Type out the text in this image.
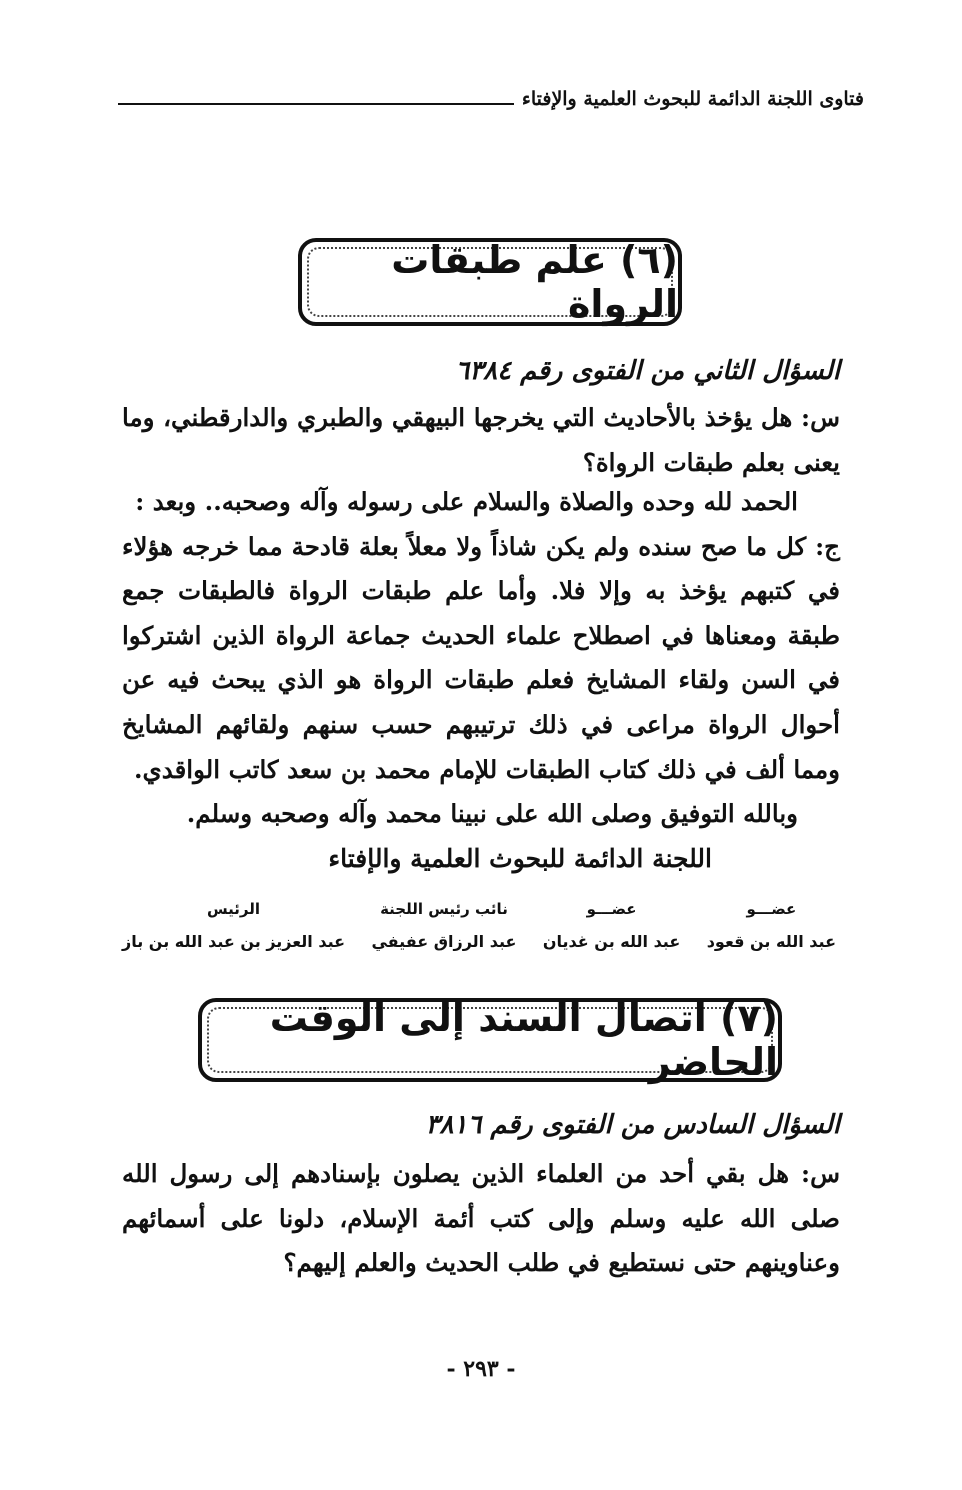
فتاوى اللجنة الدائمة للبحوث العلمية والإفتاء
(٦) علم طبقات الرواة
السؤال الثاني من الفتوى رقم ٦٣٨٤

س: هل يؤخذ بالأحاديث التي يخرجها البيهقي والطبري والدارقطني، وما يعنى بعلم طبقات الرواة؟

الحمد لله وحده والصلاة والسلام على رسوله وآله وصحبه.. وبعد :

ج: كل ما صح سنده ولم يكن شاذاً ولا معلاً بعلة قادحة مما خرجه هؤلاء في كتبهم يؤخذ به وإلا فلا. وأما علم طبقات الرواة فالطبقات جمع طبقة ومعناها في اصطلاح علماء الحديث جماعة الرواة الذين اشتركوا في السن ولقاء المشايخ فعلم طبقات الرواة هو الذي يبحث فيه عن أحوال الرواة مراعى في ذلك ترتيبهم حسب سنهم ولقائهم المشايخ ومما ألف في ذلك كتاب الطبقات للإمام محمد بن سعد كاتب الواقدي.

وبالله التوفيق وصلى الله على نبينا محمد وآله وصحبه وسلم.

اللجنة الدائمة للبحوث العلمية والإفتاء

عضـــو
عبد الله بن قعود
عضـــو
عبد الله بن غديان
نائب رئيس اللجنة
عبد الرزاق عفيفي
الرئيس
عبد العزيز بن عبد الله بن باز
(٧) اتصال السند إلى الوقت الحاضر
السؤال السادس من الفتوى رقم ٣٨١٦

س: هل بقي أحد من العلماء الذين يصلون بإسنادهم إلى رسول الله صلى الله عليه وسلم وإلى كتب أئمة الإسلام، دلونا على أسمائهم وعناوينهم حتى نستطيع في طلب الحديث والعلم إليهم؟

- ٢٩٣ -
